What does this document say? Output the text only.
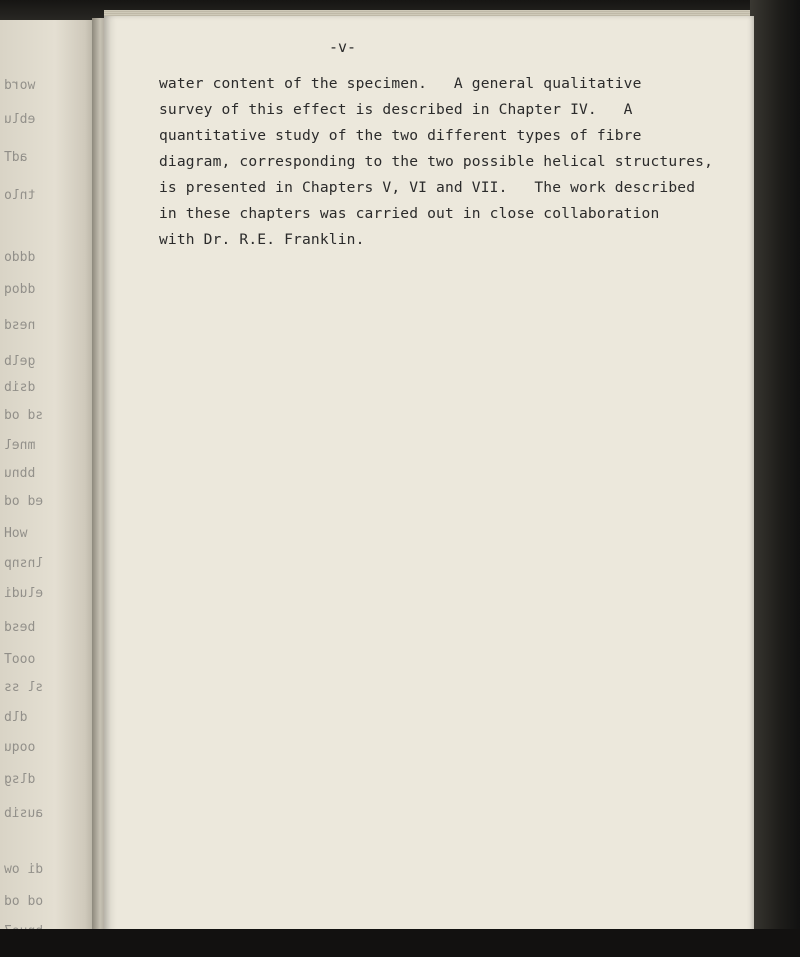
word
eblu
adT
tnlo
dddo
ddoq
nesd
gelb
dsib
sd od
mnel
bbnu
ed od
woH
lnsnp
eludi
besd
oooT
sl ss
dlb
ooqu
dlsg
ausib
di ow
od od

-v-
water content of the specimen.   A general qualitative
survey of this effect is described in Chapter IV.   A
quantitative study of the two different types of fibre
diagram, corresponding to the two possible helical structures,
is presented in Chapters V, VI and VII.   The work described
in these chapters was carried out in close collaboration
with Dr. R.E. Franklin.
